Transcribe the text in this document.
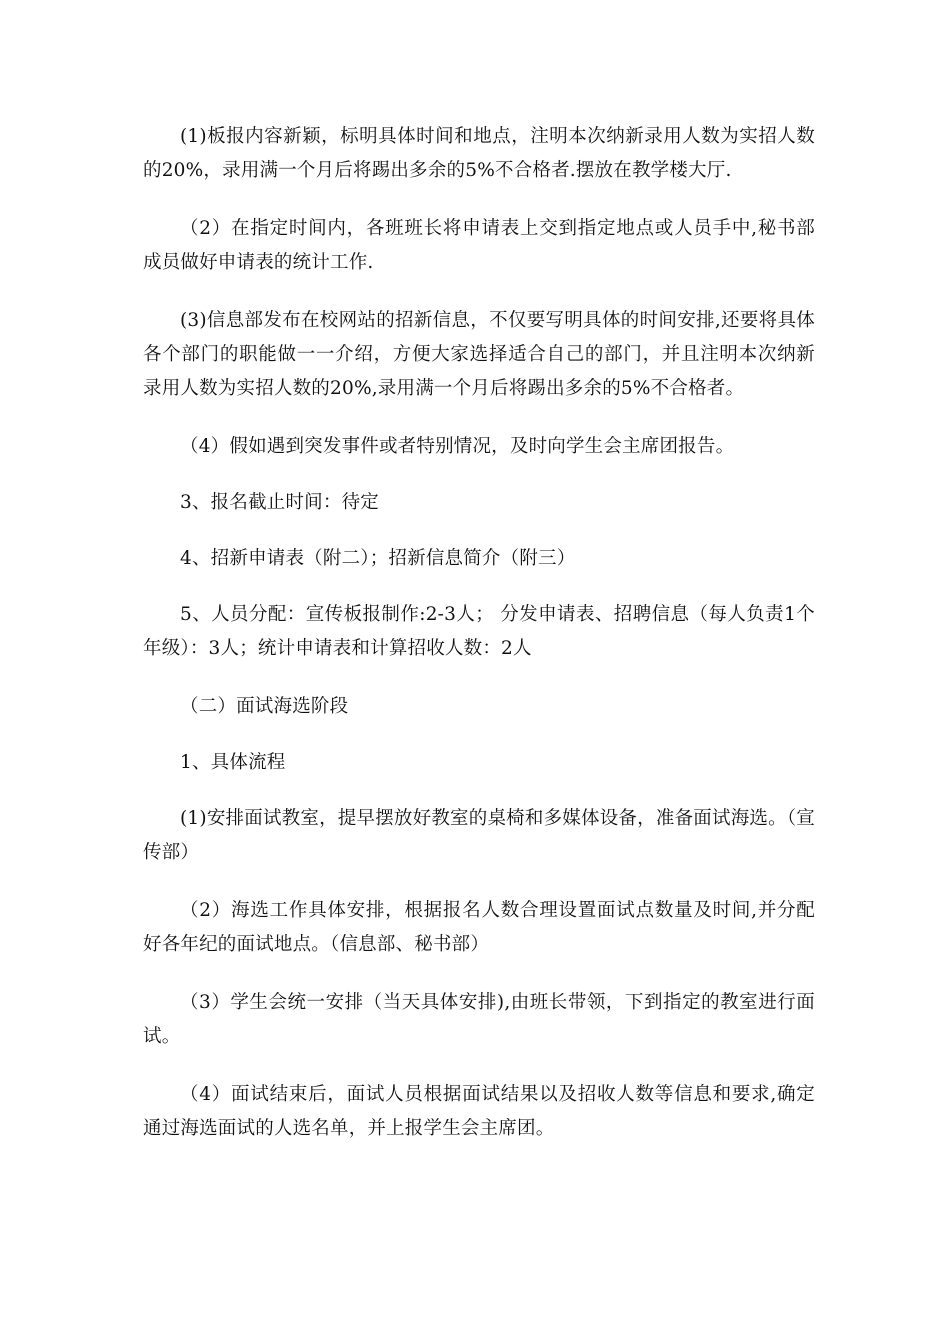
(1)板报内容新颖，标明具体时间和地点，注明本次纳新录用人数为实招人数的20%，录用满一个月后将踢出多余的5%不合格者.摆放在教学楼大厅.

（2）在指定时间内，各班班长将申请表上交到指定地点或人员手中,秘书部成员做好申请表的统计工作.

(3)信息部发布在校网站的招新信息，不仅要写明具体的时间安排,还要将具体各个部门的职能做一一介绍，方便大家选择适合自己的部门，并且注明本次纳新录用人数为实招人数的20%,录用满一个月后将踢出多余的5%不合格者。

（4）假如遇到突发事件或者特别情况，及时向学生会主席团报告。

3、报名截止时间：待定

4、招新申请表（附二）；招新信息简介（附三）

5、人员分配：宣传板报制作:2-3人； 分发申请表、招聘信息（每人负责1个年级）：3人；统计申请表和计算招收人数：2人

（二）面试海选阶段

1、具体流程

(1)安排面试教室，提早摆放好教室的桌椅和多媒体设备，准备面试海选。（宣传部）

（2）海选工作具体安排，根据报名人数合理设置面试点数量及时间,并分配好各年纪的面试地点。（信息部、秘书部）

（3）学生会统一安排（当天具体安排),由班长带领，下到指定的教室进行面试。

（4）面试结束后，面试人员根据面试结果以及招收人数等信息和要求,确定通过海选面试的人选名单，并上报学生会主席团。
